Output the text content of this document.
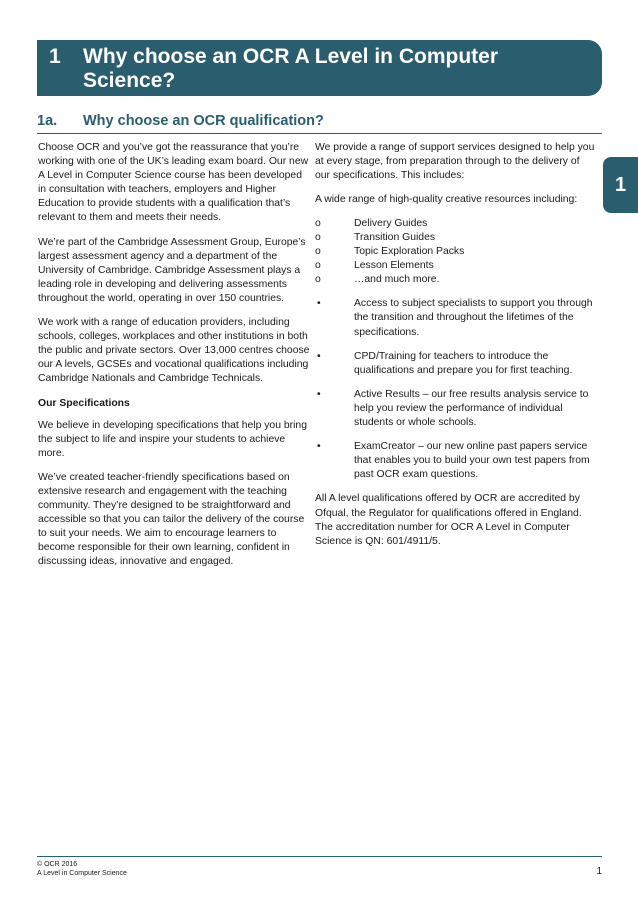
1 Why choose an OCR A Level in Computer Science?
1a. Why choose an OCR qualification?
1

Choose OCR and you’ve got the reassurance that you’re working with one of the UK’s leading exam board. Our new A Level in Computer Science course has been developed in consultation with teachers, employers and Higher Education to provide students with a qualification that’s relevant to them and meets their needs.

We’re part of the Cambridge Assessment Group, Europe’s largest assessment agency and a department of the University of Cambridge. Cambridge Assessment plays a leading role in developing and delivering assessments throughout the world, operating in over 150 countries.

We work with a range of education providers, including schools, colleges, workplaces and other institutions in both the public and private sectors. Over 13,000 centres choose our A levels, GCSEs and vocational qualifications including Cambridge Nationals and Cambridge Technicals.

Our Specifications

We believe in developing specifications that help you bring the subject to life and inspire your students to achieve more.

We’ve created teacher-friendly specifications based on extensive research and engagement with the teaching community. They’re designed to be straightforward and accessible so that you can tailor the delivery of the course to suit your needs. We aim to encourage learners to become responsible for their own learning, confident in discussing ideas, innovative and engaged.

We provide a range of support services designed to help you at every stage, from preparation through to the delivery of our specifications. This includes:

A wide range of high-quality creative resources including:

o	Delivery Guides
o	Transition Guides
o	Topic Exploration Packs
o	Lesson Elements
o	…and much more.
•	Access to subject specialists to support you through the transition and throughout the lifetimes of the specifications.
•	CPD/Training for teachers to introduce the qualifications and prepare you for first teaching.
•	Active Results – our free results analysis service to help you review the performance of individual students or whole schools.
•	ExamCreator – our new online past papers service that enables you to build your own test papers from past OCR exam questions.

All A level qualifications offered by OCR are accredited by Ofqual, the Regulator for qualifications offered in England. The accreditation number for OCR A Level in Computer Science is QN: 601/4911/5.

© OCR 2016
A Level in Computer Science	1
